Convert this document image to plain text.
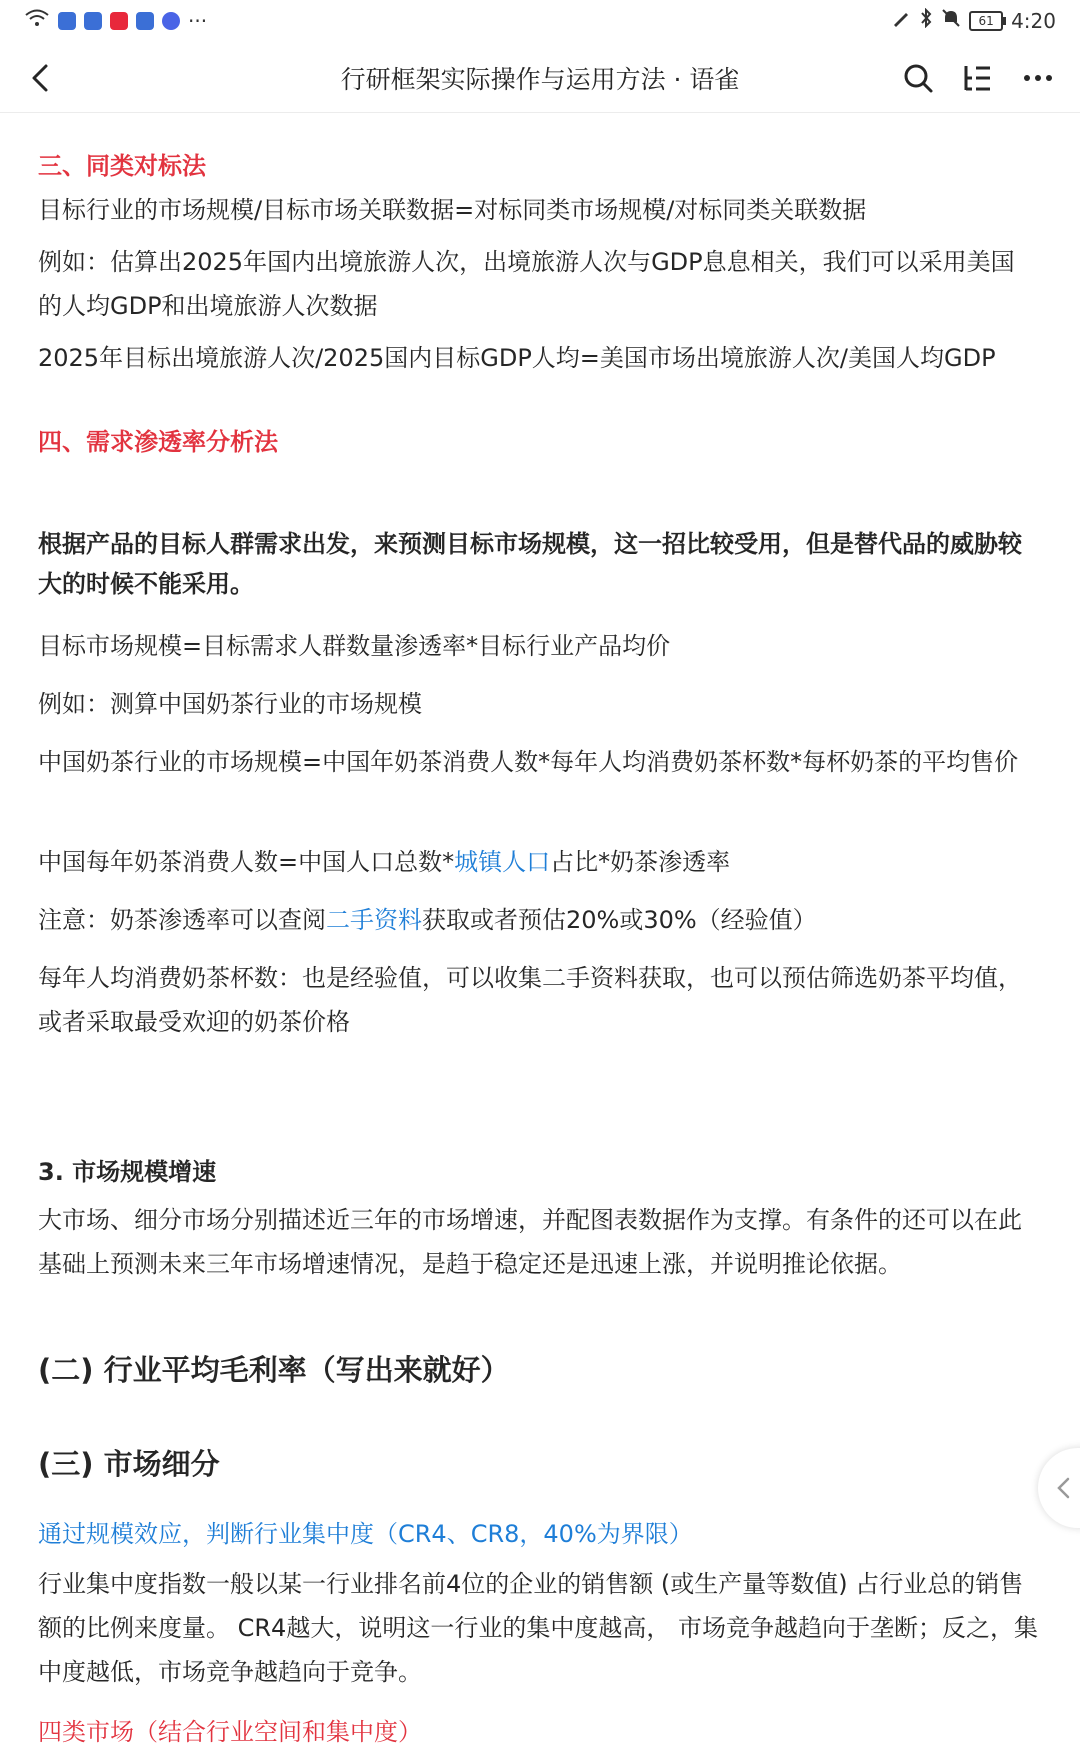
···	61 4:20
行研框架实际操作与运用方法 · 语雀
三、同类对标法
目标行业的市场规模/目标市场关联数据=对标同类市场规模/对标同类关联数据
例如：估算出2025年国内出境旅游人次，出境旅游人次与GDP息息相关，我们可以采用美国的人均GDP和出境旅游人次数据
2025年目标出境旅游人次/2025国内目标GDP人均=美国市场出境旅游人次/美国人均GDP
四、需求渗透率分析法
根据产品的目标人群需求出发，来预测目标市场规模，这一招比较受用，但是替代品的威胁较大的时候不能采用。
目标市场规模=目标需求人群数量渗透率*目标行业产品均价
例如：测算中国奶茶行业的市场规模
中国奶茶行业的市场规模=中国年奶茶消费人数*每年人均消费奶茶杯数*每杯奶茶的平均售价
中国每年奶茶消费人数=中国人口总数*城镇人口占比*奶茶渗透率
注意：奶茶渗透率可以查阅二手资料获取或者预估20%或30%（经验值）
每年人均消费奶茶杯数：也是经验值，可以收集二手资料获取，也可以预估筛选奶茶平均值，或者采取最受欢迎的奶茶价格
3. 市场规模增速
大市场、细分市场分别描述近三年的市场增速，并配图表数据作为支撑。有条件的还可以在此基础上预测未来三年市场增速情况，是趋于稳定还是迅速上涨，并说明推论依据。
(二) 行业平均毛利率（写出来就好）
(三) 市场细分
通过规模效应，判断行业集中度（CR4、CR8，40%为界限）
行业集中度指数一般以某一行业排名前4位的企业的销售额 (或生产量等数值) 占行业总的销售额的比例来度量。 CR4越大，说明这一行业的集中度越高， 市场竞争越趋向于垄断；反之，集中度越低，市场竞争越趋向于竞争。
四类市场（结合行业空间和集中度）
